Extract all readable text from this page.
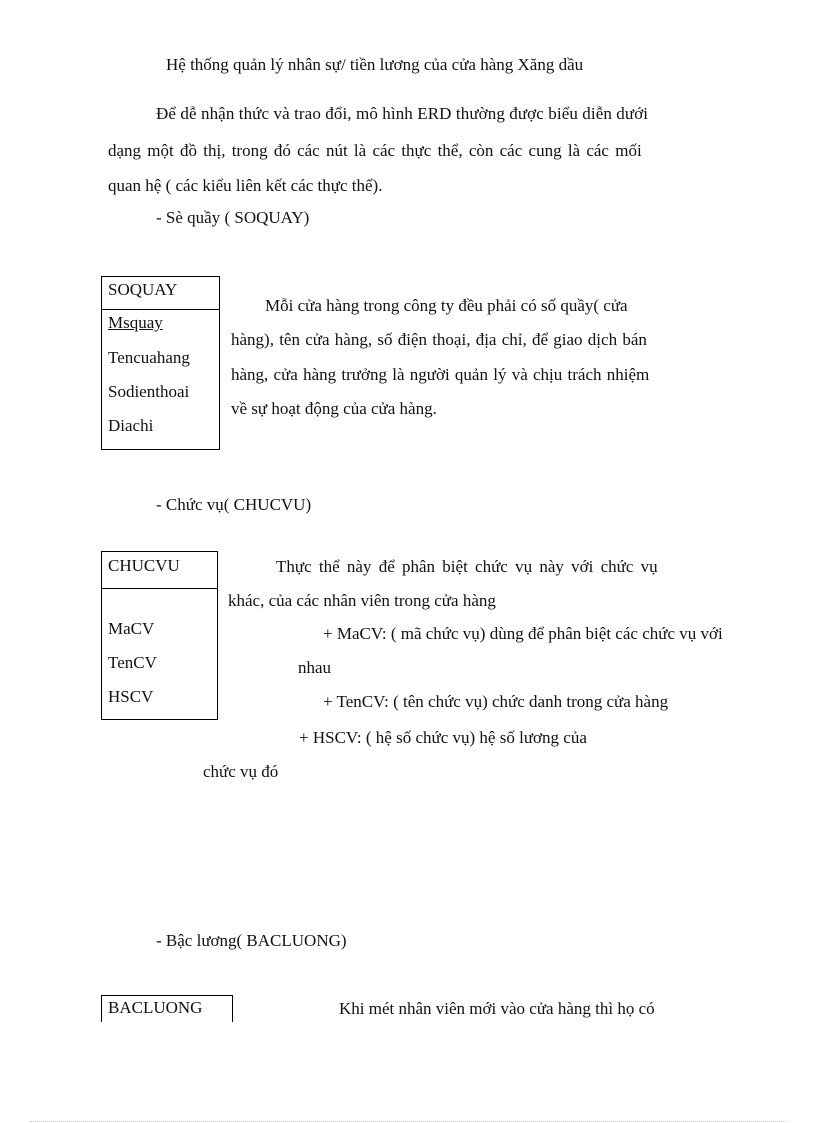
Hệ thống quản lý nhân sự/ tiền lương của cửa hàng Xăng dầu
Để dễ nhận thức và trao đổi, mô hình ERD thường được biểu diễn dưới
dạng một đồ thị, trong đó các nút là các thực thể, còn các cung là các mối
quan hệ ( các kiểu liên kết các thực thể).
- Sè quầy ( SOQUAY)
SOQUAY
Msquay
Tencuahang
Sodienthoai
Diachi
Mỗi cửa hàng trong công ty đều phải có số quầy( cửa
hàng), tên cửa hàng, số điện thoại, địa chỉ, để giao dịch bán
hàng, cửa hàng trưởng là người quản lý và chịu trách nhiệm
về sự hoạt động của cửa hàng.
- Chức vụ( CHUCVU)
CHUCVU
MaCV
TenCV
HSCV
Thực thể này để phân biệt chức vụ này với chức vụ
khác, của các nhân viên trong cửa hàng
+ MaCV: ( mã chức vụ) dùng để phân biệt các chức vụ với
nhau
+ TenCV: ( tên chức vụ) chức danh trong cửa hàng
+ HSCV: ( hệ số chức vụ) hệ số lương của
chức vụ đó
- Bậc lương( BACLUONG)
BACLUONG	Khi mét nhân viên mới vào cửa hàng thì họ có
